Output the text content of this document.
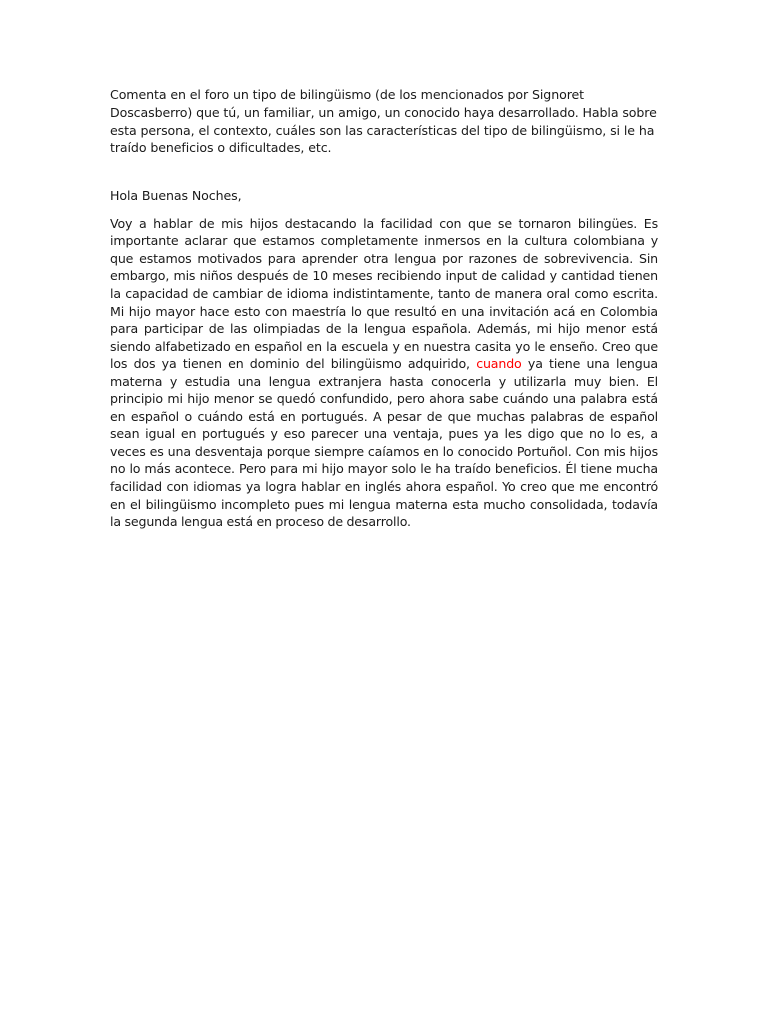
Comenta en el foro un tipo de bilingüismo (de los mencionados por Signoret Doscasberro) que tú, un familiar, un amigo, un conocido haya desarrollado. Habla sobre esta persona, el contexto, cuáles son las características del tipo de bilingüismo, si le ha traído beneficios o dificultades, etc.

Hola Buenas Noches,

Voy a hablar de mis hijos destacando la facilidad con que se tornaron bilingües. Es importante aclarar que estamos completamente inmersos en la cultura colombiana y que estamos motivados para aprender otra lengua por razones de sobrevivencia. Sin embargo, mis niños después de 10 meses recibiendo input de calidad y cantidad tienen la capacidad de cambiar de idioma indistintamente, tanto de manera oral como escrita. Mi hijo mayor hace esto con maestría lo que resultó en una invitación acá en Colombia para participar de las olimpiadas de la lengua española. Además, mi hijo menor está siendo alfabetizado en español en la escuela y en nuestra casita yo le enseño. Creo que los dos ya tienen en dominio del bilingüismo adquirido, cuando ya tiene una lengua materna y estudia una lengua extranjera hasta conocerla y utilizarla muy bien. El principio mi hijo menor se quedó confundido, pero ahora sabe cuándo una palabra está en español o cuándo está en portugués. A pesar de que muchas palabras de español sean igual en portugués y eso parecer una ventaja, pues ya les digo que no lo es, a veces es una desventaja porque siempre caíamos en lo conocido Portuñol. Con mis hijos no lo más acontece. Pero para mi hijo mayor solo le ha traído beneficios. Él tiene mucha facilidad con idiomas ya logra hablar en inglés ahora español. Yo creo que me encontró en el bilingüismo incompleto pues mi lengua materna esta mucho consolidada, todavía la segunda lengua está en proceso de desarrollo.
